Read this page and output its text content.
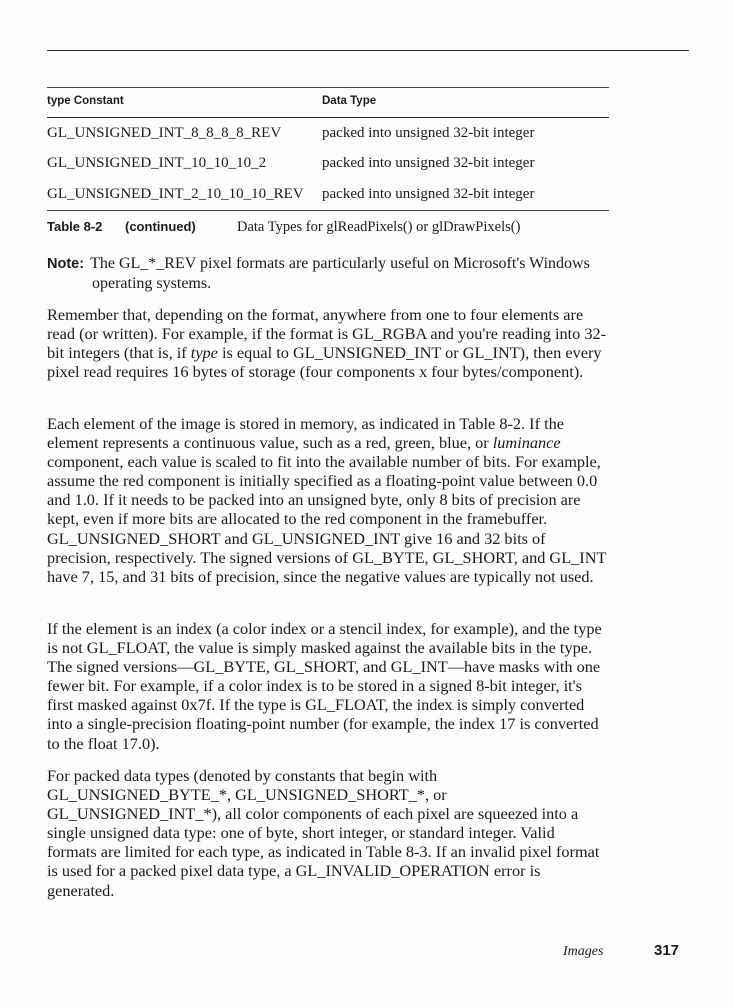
type Constant	Data Type
GL_UNSIGNED_INT_8_8_8_8_REV	packed into unsigned 32-bit integer
GL_UNSIGNED_INT_10_10_10_2	packed into unsigned 32-bit integer
GL_UNSIGNED_INT_2_10_10_10_REV	packed into unsigned 32-bit integer
Table 8-2	(continued)	Data Types for glReadPixels() or glDrawPixels()
Note: The GL_*_REV pixel formats are particularly useful on Microsoft's Windows operating systems.

Remember that, depending on the format, anywhere from one to four elements are read (or written). For example, if the format is GL_RGBA and you're reading into 32-bit integers (that is, if type is equal to GL_UNSIGNED_INT or GL_INT), then every pixel read requires 16 bytes of storage (four components x four bytes/component).

Each element of the image is stored in memory, as indicated in Table 8-2. If the element represents a continuous value, such as a red, green, blue, or luminance component, each value is scaled to fit into the available number of bits. For example, assume the red component is initially specified as a floating-point value between 0.0 and 1.0. If it needs to be packed into an unsigned byte, only 8 bits of precision are kept, even if more bits are allocated to the red component in the framebuffer. GL_UNSIGNED_SHORT and GL_UNSIGNED_INT give 16 and 32 bits of precision, respectively. The signed versions of GL_BYTE, GL_SHORT, and GL_INT have 7, 15, and 31 bits of precision, since the negative values are typically not used.

If the element is an index (a color index or a stencil index, for example), and the type is not GL_FLOAT, the value is simply masked against the available bits in the type. The signed versions—GL_BYTE, GL_SHORT, and GL_INT—have masks with one fewer bit. For example, if a color index is to be stored in a signed 8-bit integer, it's first masked against 0x7f. If the type is GL_FLOAT, the index is simply converted into a single-precision floating-point number (for example, the index 17 is converted to the float 17.0).

For packed data types (denoted by constants that begin with GL_UNSIGNED_BYTE_*, GL_UNSIGNED_SHORT_*, or GL_UNSIGNED_INT_*), all color components of each pixel are squeezed into a single unsigned data type: one of byte, short integer, or standard integer. Valid formats are limited for each type, as indicated in Table 8-3. If an invalid pixel format is used for a packed pixel data type, a GL_INVALID_OPERATION error is generated.

Images	317
